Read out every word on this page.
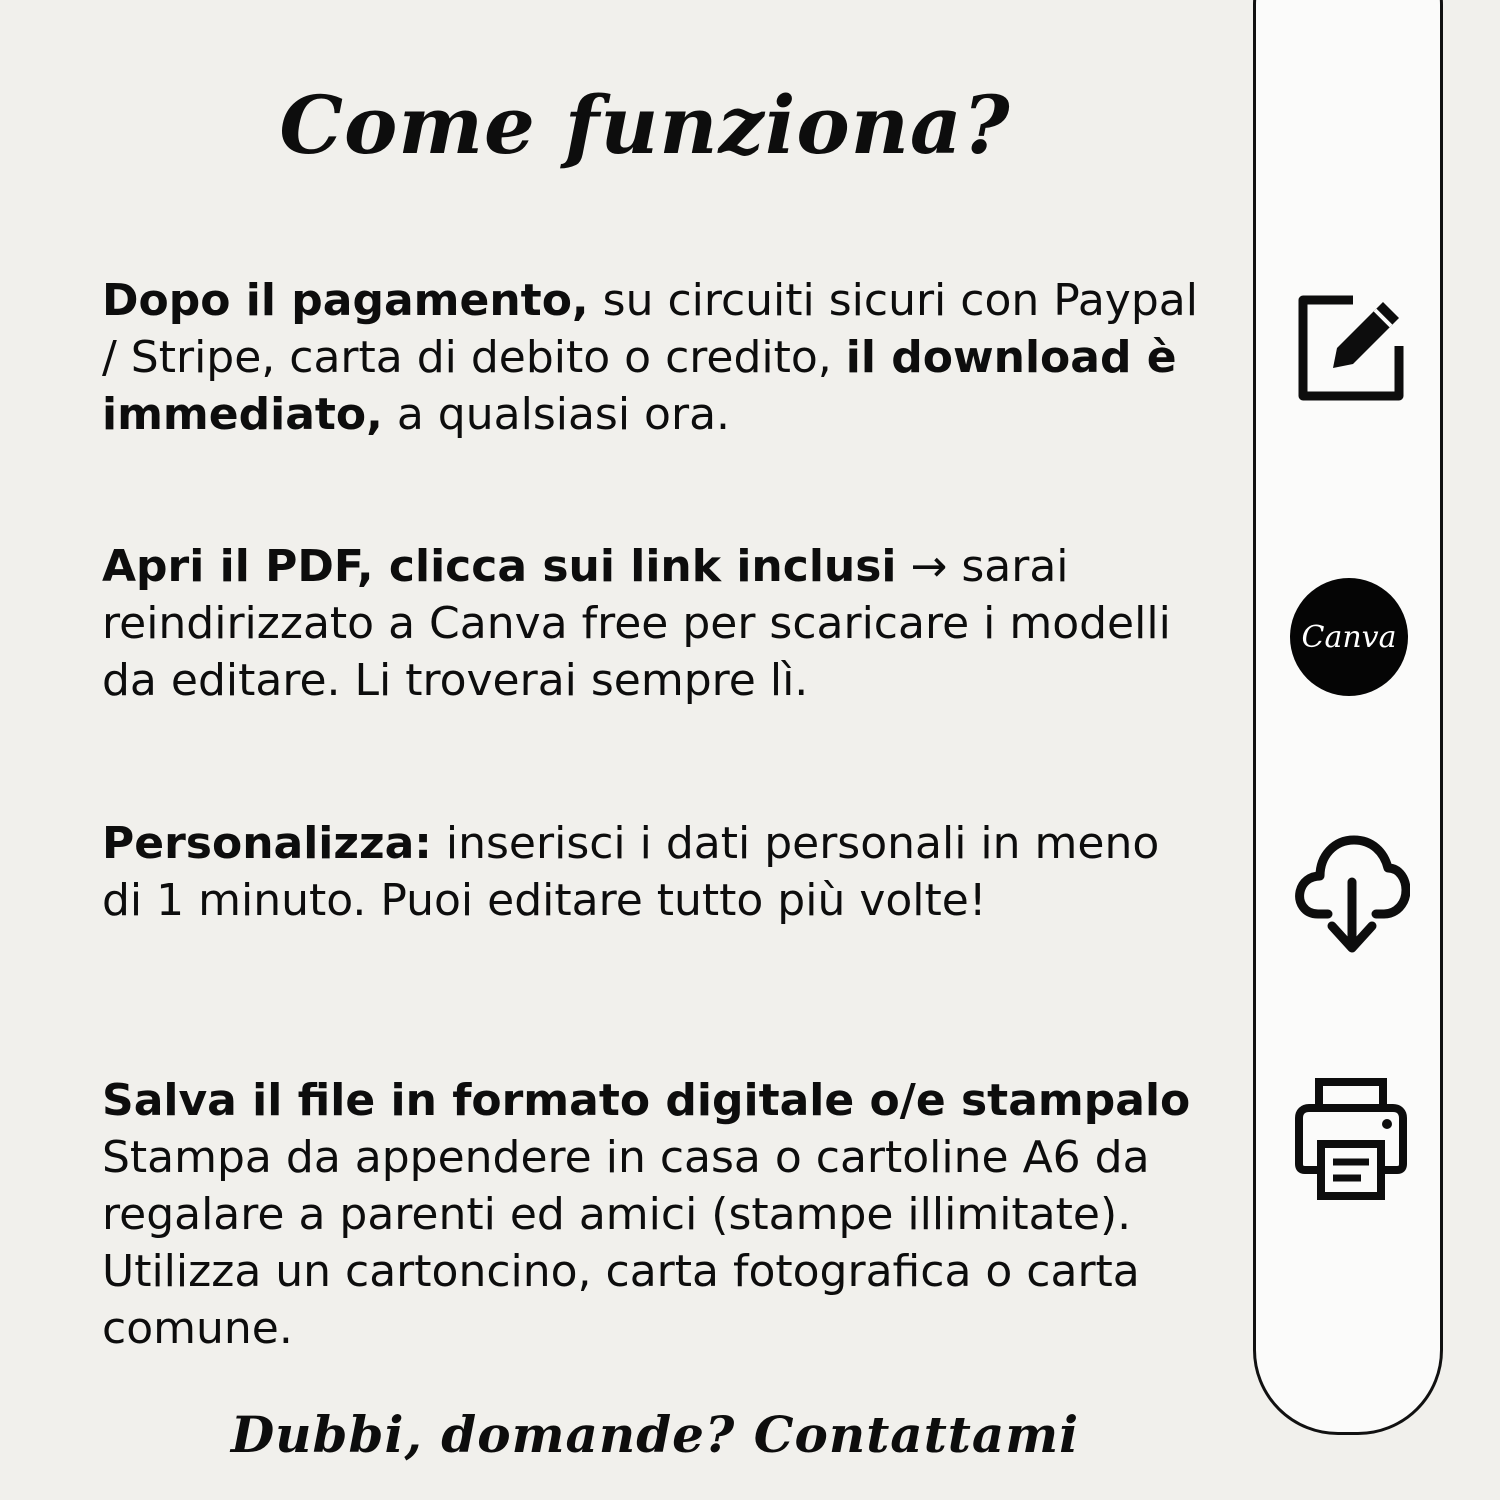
Come funziona?

Dopo il pagamento, su circuiti sicuri con Paypal / Stripe, carta di debito o credito, il download è immediato, a qualsiasi ora.

Apri il PDF, clicca sui link inclusi → sarai reindirizzato a Canva free per scaricare i modelli da editare. Li troverai sempre lì.

Personalizza: inserisci i dati personali in meno di 1 minuto. Puoi editare tutto più volte!

Salva il file in formato digitale o/e stampalo
Stampa da appendere in casa o cartoline A6 da regalare a parenti ed amici (stampe illimitate). Utilizza un cartoncino, carta fotografica o carta comune.

Canva

Dubbi, domande? Contattami
